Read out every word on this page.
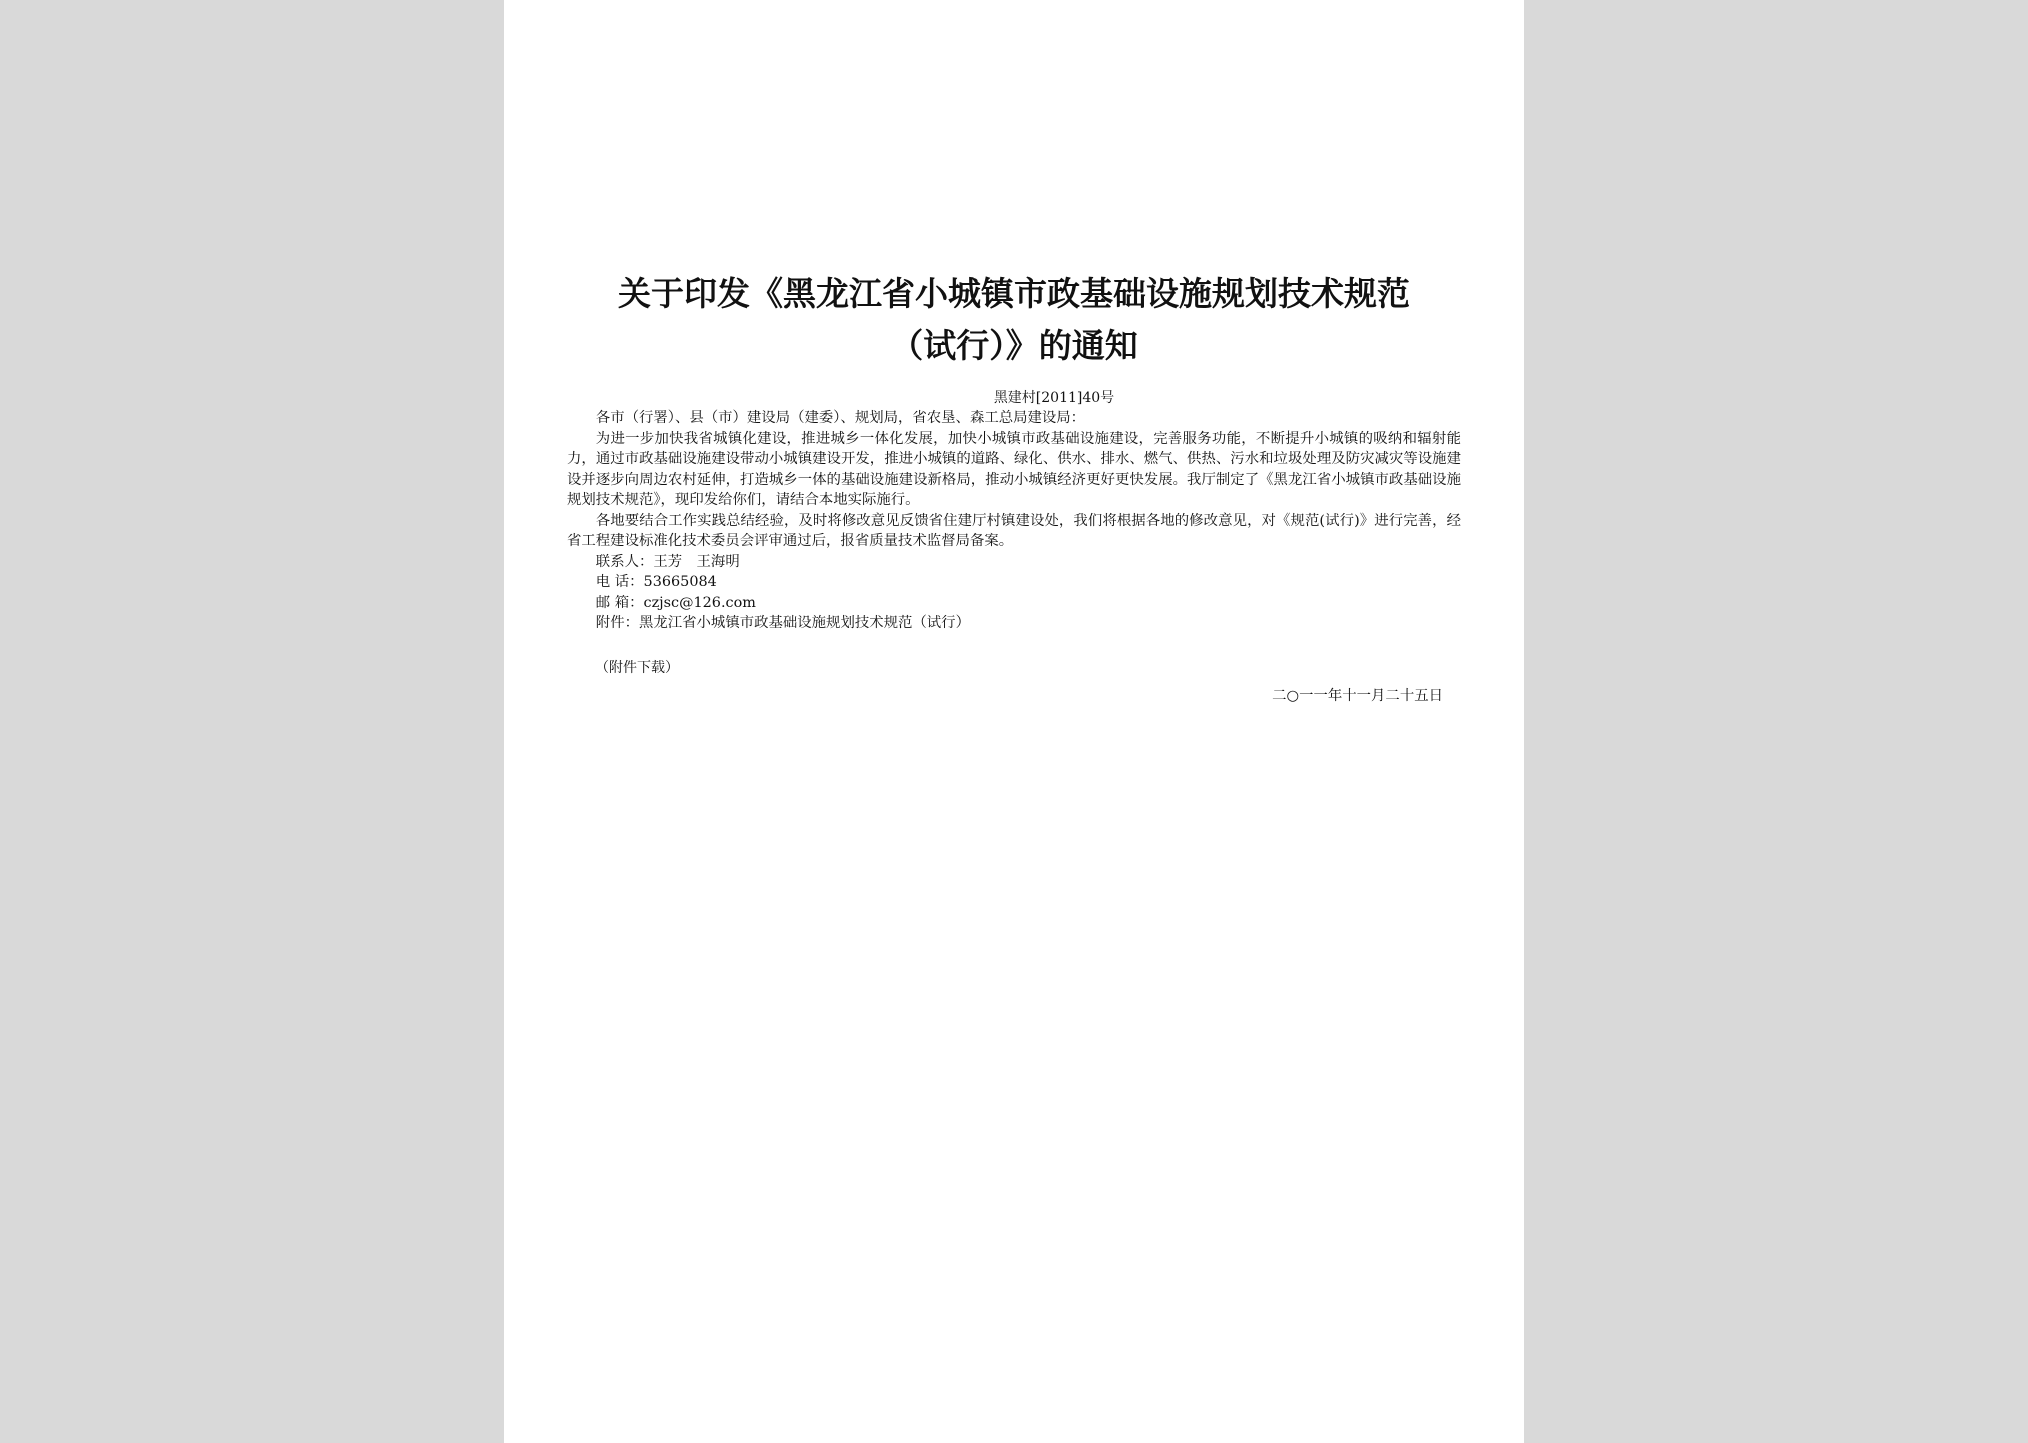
关于印发《黑龙江省小城镇市政基础设施规划技术规范
（试行）》的通知
黑建村[2011]40号

各市（行署）、县（市）建设局（建委）、规划局，省农垦、森工总局建设局：

为进一步加快我省城镇化建设，推进城乡一体化发展，加快小城镇市政基础设施建设，完善服务功能，不断提升小城镇的吸纳和辐射能力，通过市政基础设施建设带动小城镇建设开发，推进小城镇的道路、绿化、供水、排水、燃气、供热、污水和垃圾处理及防灾减灾等设施建设并逐步向周边农村延伸，打造城乡一体的基础设施建设新格局，推动小城镇经济更好更快发展。我厅制定了《黑龙江省小城镇市政基础设施规划技术规范》，现印发给你们，请结合本地实际施行。

各地要结合工作实践总结经验，及时将修改意见反馈省住建厅村镇建设处，我们将根据各地的修改意见，对《规范(试行)》进行完善，经省工程建设标准化技术委员会评审通过后，报省质量技术监督局备案。

联系人：王芳　王海明

电 话：53665084

邮 箱：czjsc@126.com

附件：黑龙江省小城镇市政基础设施规划技术规范（试行）

（附件下载）
二○一一年十一月二十五日
